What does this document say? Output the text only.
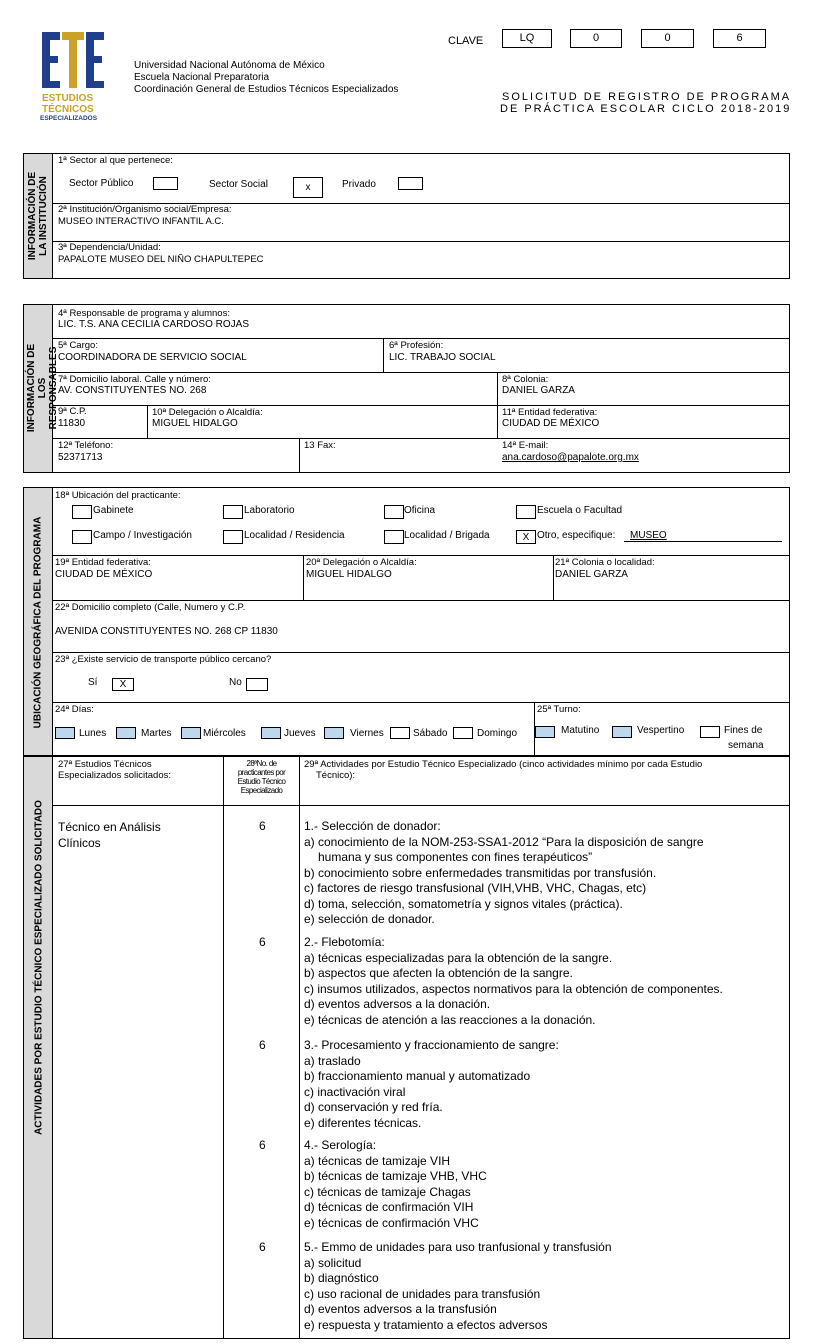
ESTUDIOS
TÉCNICOS
ESPECIALIZADOS
Universidad Nacional Autónoma de México
Escuela Nacional Preparatoria
Coordinación General de Estudios Técnicos Especializados
CLAVE	LQ	0	0	6
SOLICITUD DE REGISTRO DE PROGRAMA
DE PRÁCTICA ESCOLAR CICLO 2018-2019
INFORMACIÓN DE LA INSTITUCIÓN
1ª Sector al que pertenece:
Sector Público	Sector Social	x	Privado
2ª Institución/Organismo social/Empresa:
MUSEO INTERACTIVO INFANTIL A.C.
3ª Dependencia/Unidad:
PAPALOTE MUSEO DEL NIÑO CHAPULTEPEC
INFORMACIÓN DE LOS RESPONSABLES
4ª Responsable de programa y alumnos:
LIC. T.S. ANA CECILIA CARDOSO ROJAS
5ª Cargo:
COORDINADORA DE SERVICIO SOCIAL
6ª Profesión:
LIC. TRABAJO SOCIAL
7ª Domicilio laboral. Calle y número:
AV. CONSTITUYENTES NO. 268
8ª Colonia:
DANIEL GARZA
9ª C.P.
11830
10ª Delegación o Alcaldía:
MIGUEL HIDALGO
11ª Entidad federativa:
CIUDAD DE MÉXICO
12ª Teléfono:
52371713
13 Fax:	14ª E-mail:
ana.cardoso@papalote.org.mx
UBICACIÓN GEOGRÁFICA DEL PROGRAMA
18ª Ubicación del practicante:
Gabinete	Laboratorio	Oficina	Escuela o Facultad
Campo / Investigación	Localidad / Residencia	Localidad / Brigada	X Otro, especifique: MUSEO
19ª Entidad federativa:
CIUDAD DE MÉXICO
20ª Delegación o Alcaldía:
MIGUEL HIDALGO
21ª Colonia o localidad:
DANIEL GARZA
22ª Domicilio completo (Calle, Numero y C.P.
AVENIDA CONSTITUYENTES NO. 268 CP 11830
23ª ¿Existe servicio de transporte público cercano?
Sí	X	No
24ª Días:
Lunes	Martes	Miércoles	Jueves	Viernes	Sábado	Domingo
25ª Turno:
Matutino	Vespertino	Fines de
semana
ACTIVIDADES POR ESTUDIO TÉCNICO ESPECIALIZADO SOLICITADO
27ª Estudios Técnicos
Especializados solicitados:
28ªNo. de
practicantes por
Estudio Técnico
Especializado
29ª Actividades por Estudio Técnico Especializado (cinco actividades mínimo por cada Estudio
Técnico):
Técnico en Análisis
Clínicos
6	1.- Selección de donador:
a) conocimiento de la NOM-253-SSA1-2012 “Para la disposición de sangre
humana y sus componentes con fines terapéuticos”
b) conocimiento sobre enfermedades transmitidas por transfusión.
c) factores de riesgo transfusional (VIH,VHB, VHC, Chagas, etc)
d) toma, selección, somatometría y signos vitales (práctica).
e) selección de donador.
6	2.- Flebotomía:
a) técnicas especializadas para la obtención de la sangre.
b) aspectos que afecten la obtención de la sangre.
c) insumos utilizados, aspectos normativos para la obtención de componentes.
d) eventos adversos a la donación.
e) técnicas de atención a las reacciones a la donación.
6	3.- Procesamiento y fraccionamiento de sangre:
a) traslado
b) fraccionamiento manual y automatizado
c) inactivación viral
d) conservación y red fría.
e) diferentes técnicas.
6	4.- Serología:
a) técnicas de tamizaje VIH
b) técnicas de tamizaje VHB, VHC
c) técnicas de tamizaje Chagas
d) técnicas de confirmación VIH
e) técnicas de confirmación VHC
6	5.- Emmo de unidades para uso tranfusional y transfusión
a) solicitud
b) diagnóstico
c) uso racional de unidades para transfusión
d) eventos adversos a la transfusión
e) respuesta y tratamiento a efectos adversos
